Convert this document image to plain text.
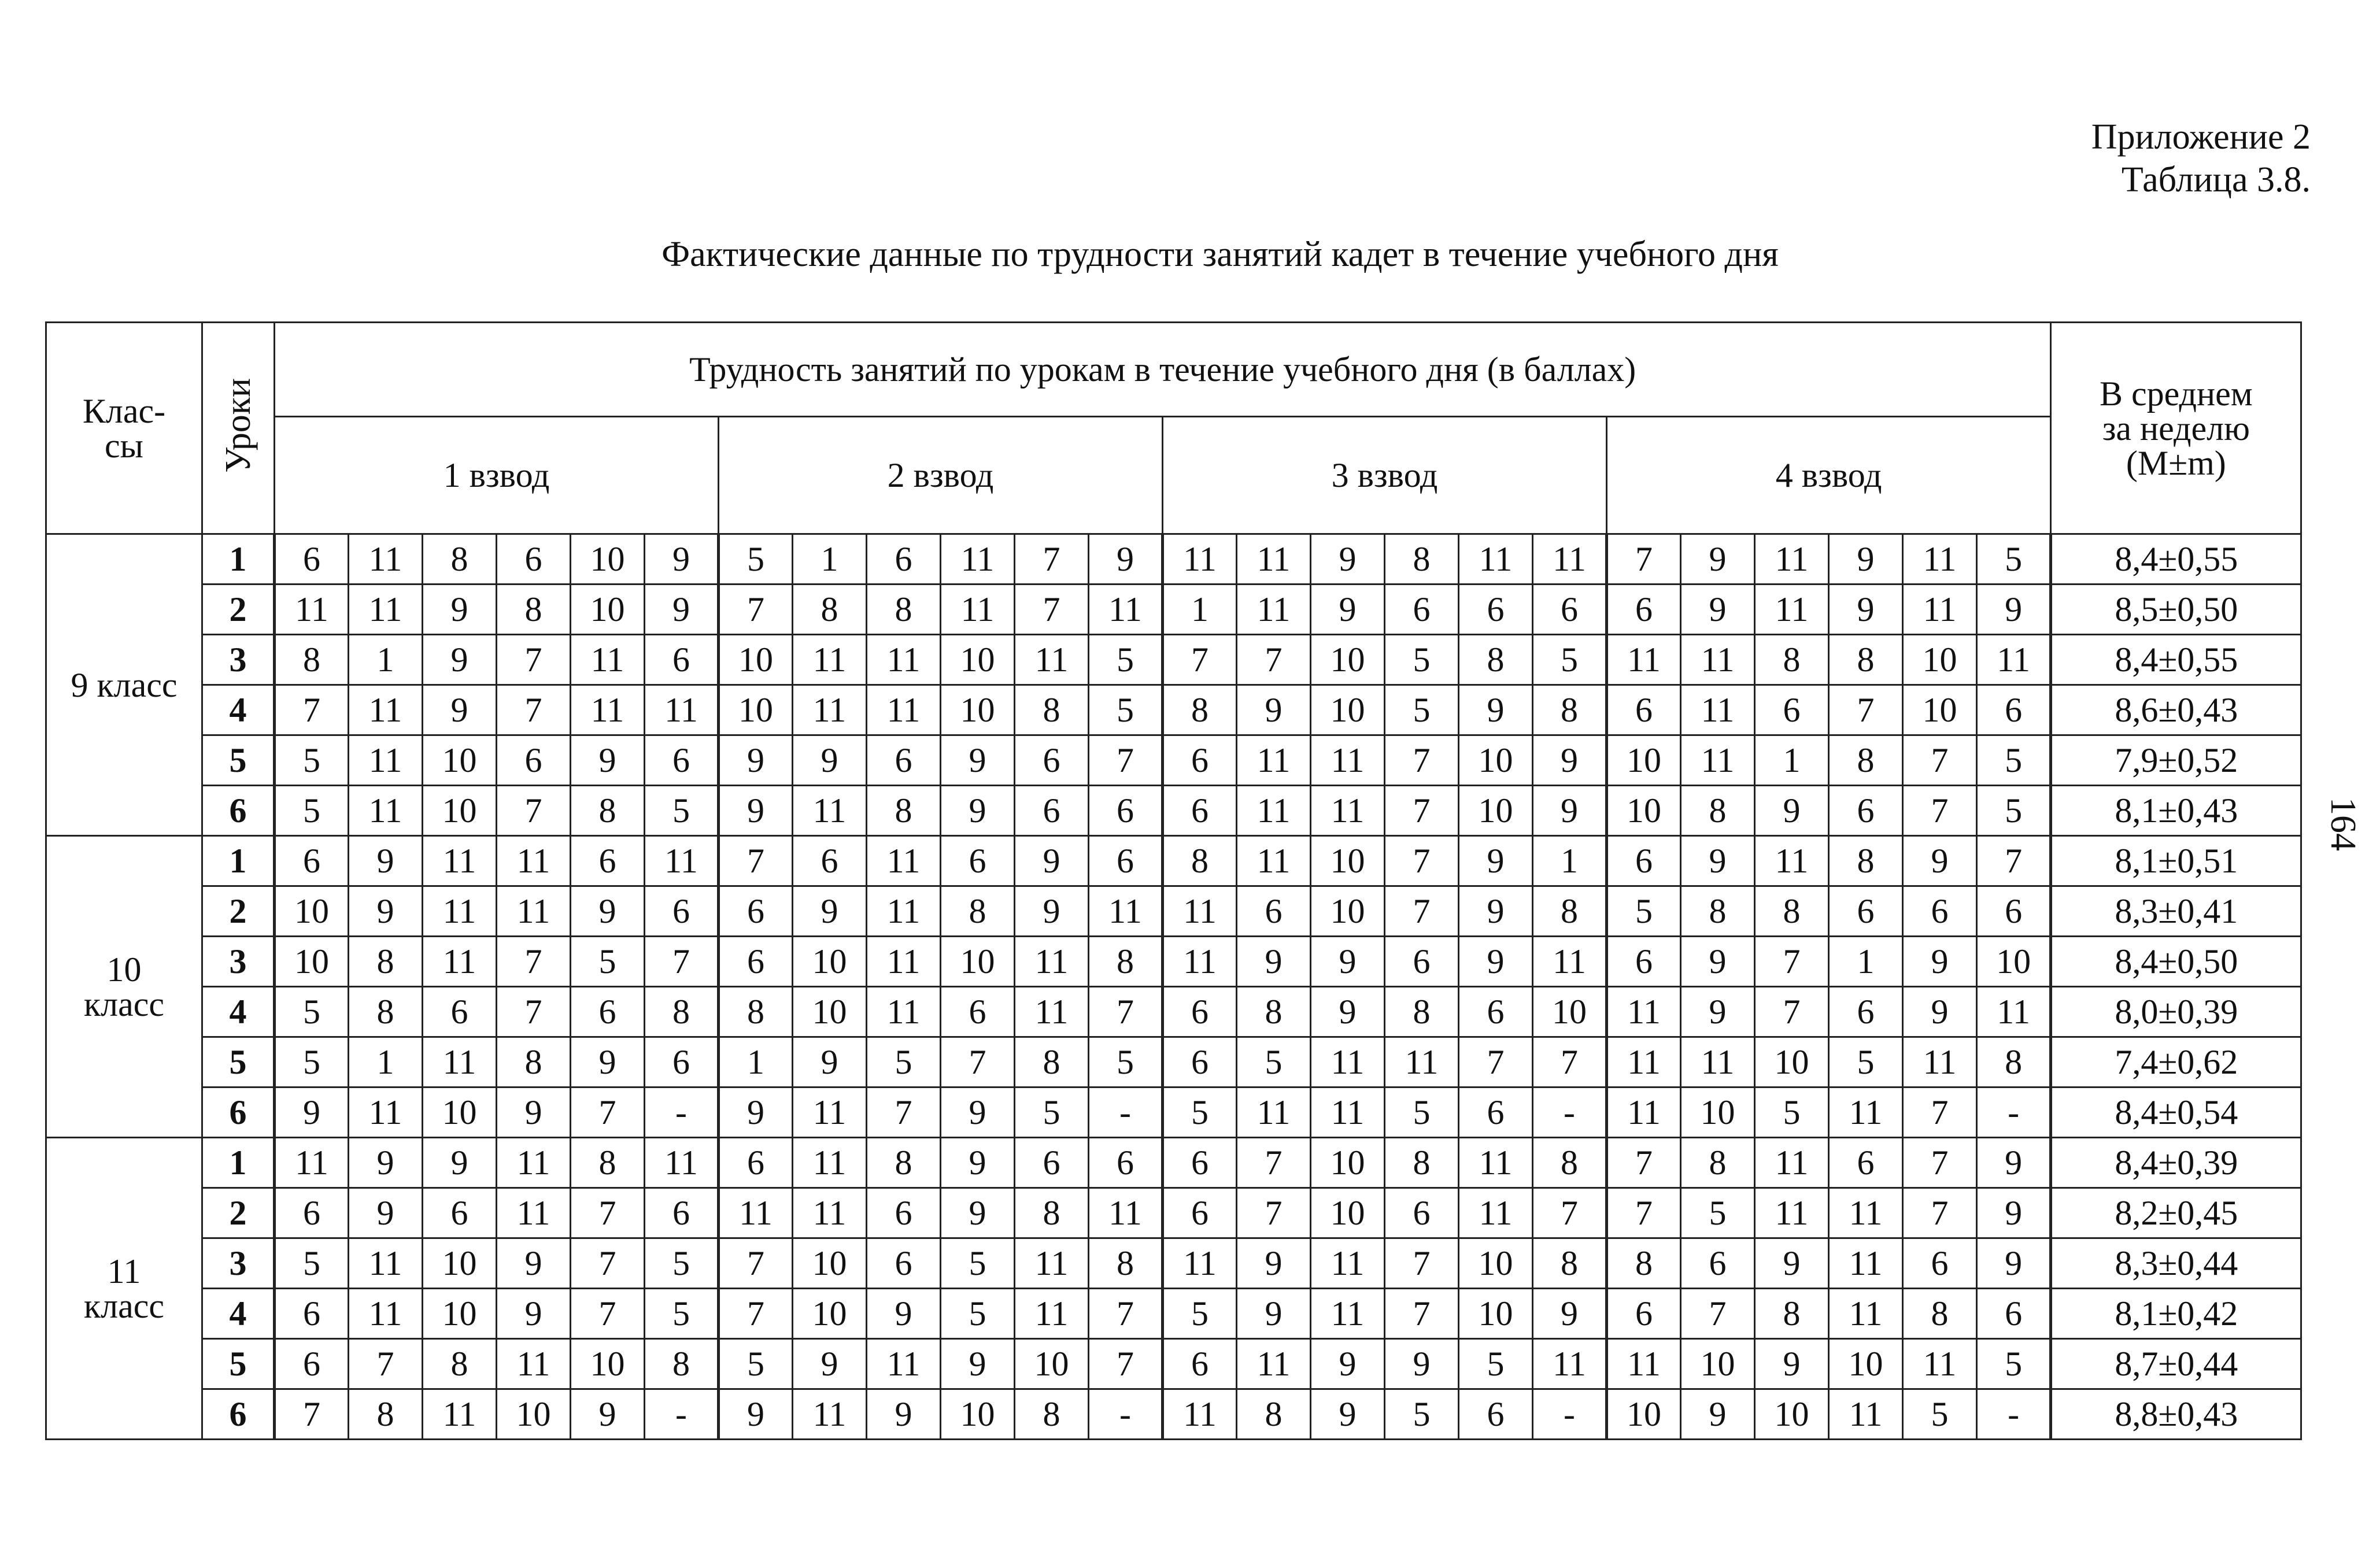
Приложение 2
Таблица 3.8.
Фактические данные по трудности занятий кадет в течение учебного дня
Клас-сы	Уроки	Трудность занятий по урокам в течение учебного дня (в баллах)																								В среднем за неделю (M±m)
		1 взвод						2 взвод						3 взвод						4 взвод						
9 класс	1	6	11	8	6	10	9	5	1	6	11	7	9	11	11	9	8	11	11	7	9	11	9	11	5	8,4±0,55
	2	11	11	9	8	10	9	7	8	8	11	7	11	1	11	9	6	6	6	6	9	11	9	11	9	8,5±0,50
	3	8	1	9	7	11	6	10	11	11	10	11	5	7	7	10	5	8	5	11	11	8	8	10	11	8,4±0,55
	4	7	11	9	7	11	11	10	11	11	10	8	5	8	9	10	5	9	8	6	11	6	7	10	6	8,6±0,43
	5	5	11	10	6	9	6	9	9	6	9	6	7	6	11	11	7	10	9	10	11	1	8	7	5	7,9±0,52
	6	5	11	10	7	8	5	9	11	8	9	6	6	6	11	11	7	10	9	10	8	9	6	7	5	8,1±0,43
10 класс	1	6	9	11	11	6	11	7	6	11	6	9	6	8	11	10	7	9	1	6	9	11	8	9	7	8,1±0,51
	2	10	9	11	11	9	6	6	9	11	8	9	11	11	6	10	7	9	8	5	8	8	6	6	6	8,3±0,41
	3	10	8	11	7	5	7	6	10	11	10	11	8	11	9	9	6	9	11	6	9	7	1	9	10	8,4±0,50
	4	5	8	6	7	6	8	8	10	11	6	11	7	6	8	9	8	6	10	11	9	7	6	9	11	8,0±0,39
	5	5	1	11	8	9	6	1	9	5	7	8	5	6	5	11	11	7	7	11	11	10	5	11	8	7,4±0,62
	6	9	11	10	9	7	-	9	11	7	9	5	-	5	11	11	5	6	-	11	10	5	11	7	-	8,4±0,54
11 класс	1	11	9	9	11	8	11	6	11	8	9	6	6	6	7	10	8	11	8	7	8	11	6	7	9	8,4±0,39
	2	6	9	6	11	7	6	11	11	6	9	8	11	6	7	10	6	11	7	7	5	11	11	7	9	8,2±0,45
	3	5	11	10	9	7	5	7	10	6	5	11	8	11	9	11	7	10	8	8	6	9	11	6	9	8,3±0,44
	4	6	11	10	9	7	5	7	10	9	5	11	7	5	9	11	7	10	9	6	7	8	11	8	6	8,1±0,42
	5	6	7	8	11	10	8	5	9	11	9	10	7	6	11	9	9	5	11	11	10	9	10	11	5	8,7±0,44
	6	7	8	11	10	9	-	9	11	9	10	8	-	11	8	9	5	6	-	10	9	10	11	5	-	8,8±0,43
164
